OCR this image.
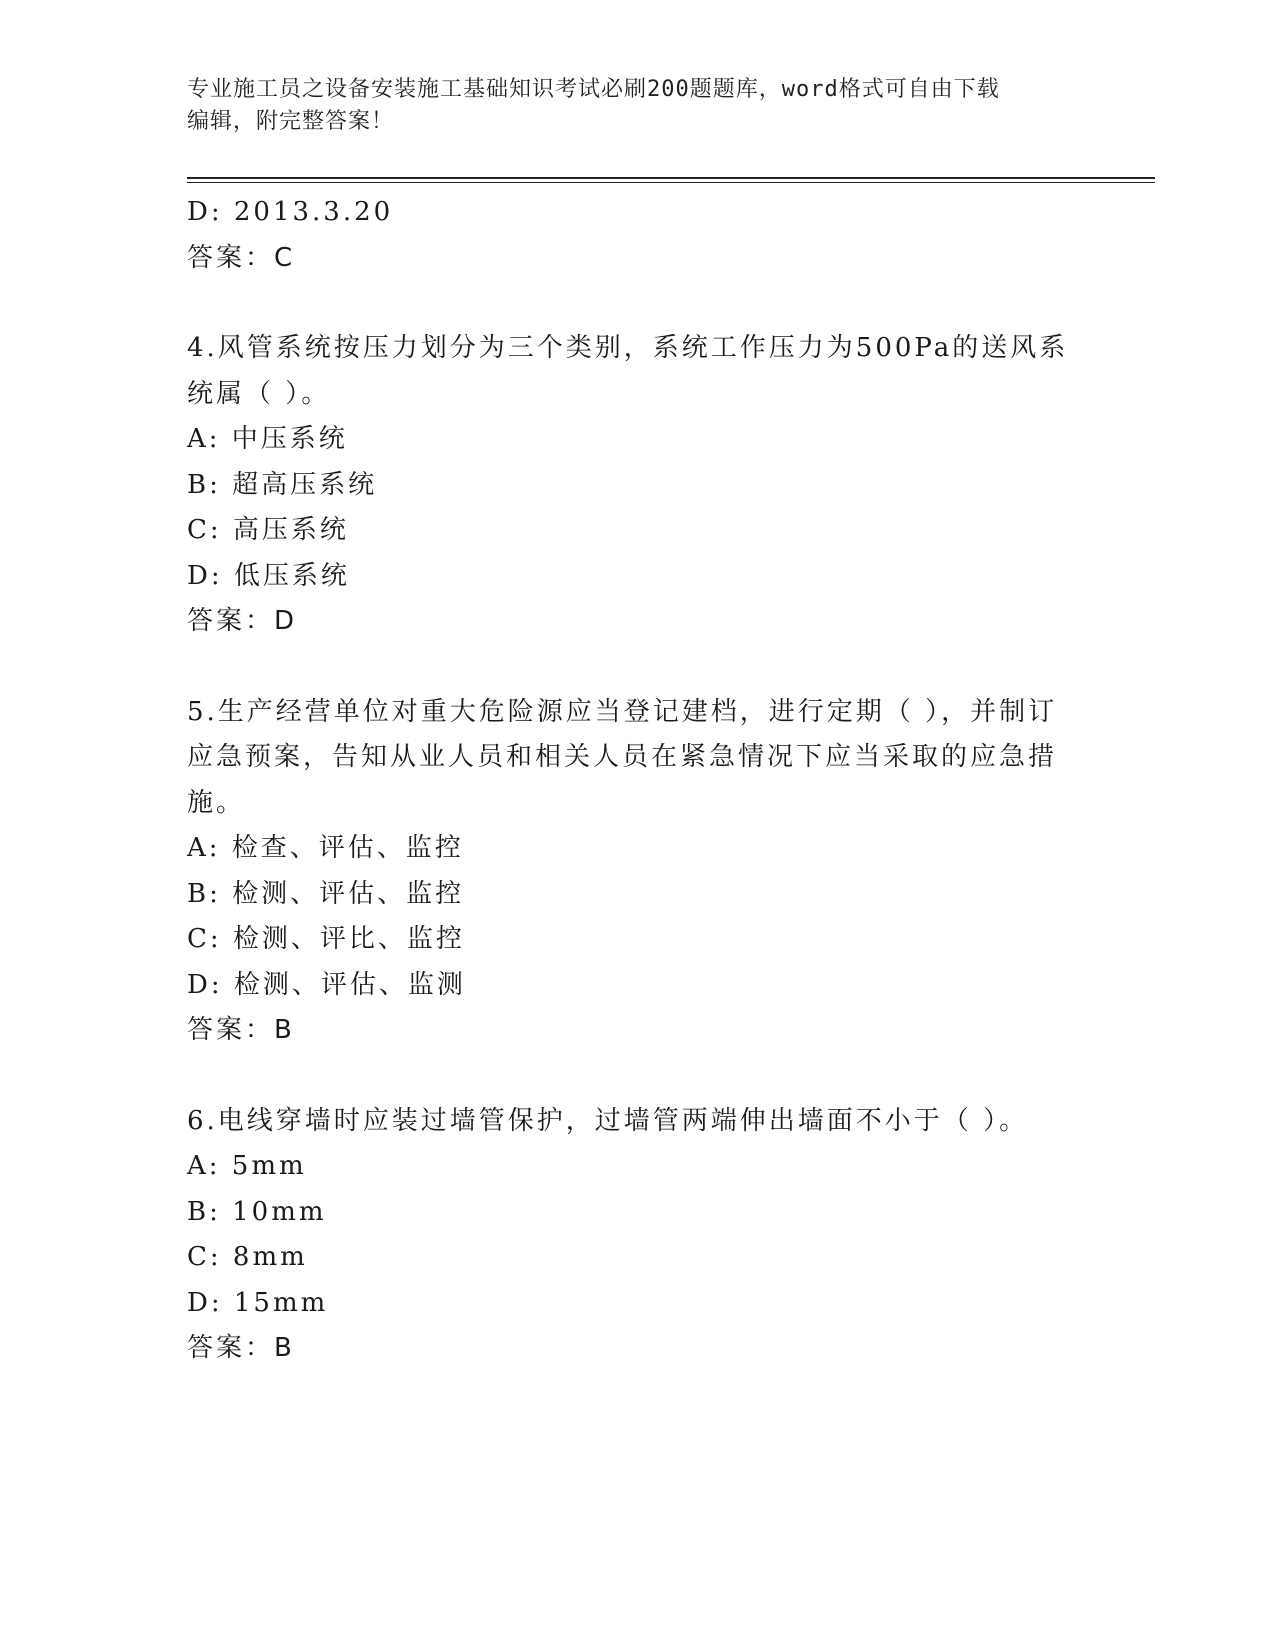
专业施工员之设备安装施工基础知识考试必刷200题题库，word格式可自由下载
编辑，附完整答案！
D: 2013.3.20
答案：C
4.风管系统按压力划分为三个类别，系统工作压力为500Pa的送风系
统属（ ）。
A: 中压系统
B: 超高压系统
C: 高压系统
D: 低压系统
答案：D
5.生产经营单位对重大危险源应当登记建档，进行定期（ ），并制订
应急预案，告知从业人员和相关人员在紧急情况下应当采取的应急措
施。
A: 检查、评估、监控
B: 检测、评估、监控
C: 检测、评比、监控
D: 检测、评估、监测
答案：B
6.电线穿墙时应装过墙管保护，过墙管两端伸出墙面不小于（ ）。
A: 5mm
B: 10mm
C: 8mm
D: 15mm
答案：B
